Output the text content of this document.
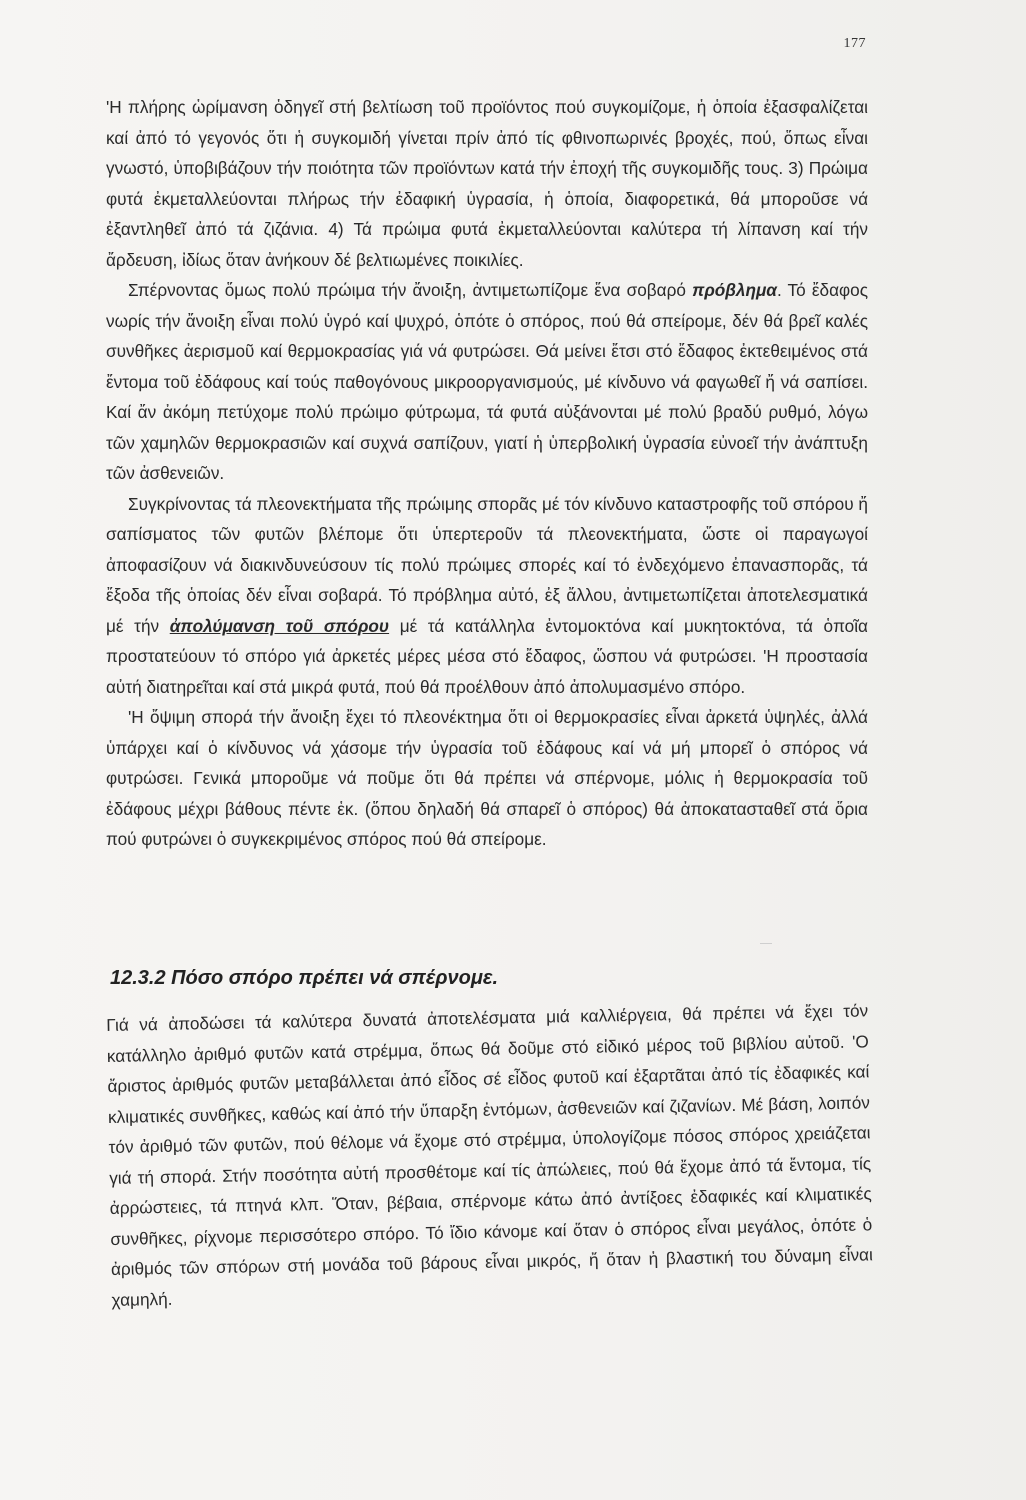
177

'Η πλήρης ὡρίμανση ὁδηγεῖ στή βελτίωση τοῦ προϊόντος πού συγκομίζομε, ἡ ὁποία ἐξασφαλίζεται καί ἀπό τό γεγονός ὅτι ἡ συγκομιδή γίνεται πρίν ἀπό τίς φθινοπωρινές βροχές, πού, ὅπως εἶναι γνωστό, ὑποβιβάζουν τήν ποιότητα τῶν προϊόντων κατά τήν ἐποχή τῆς συγκομιδῆς τους. 3) Πρώιμα φυτά ἐκμεταλλεύονται πλήρως τήν ἐδαφική ὑγρασία, ἡ ὁποία, διαφορετικά, θά μποροῦσε νά ἐξαντληθεῖ ἀπό τά ζιζάνια. 4) Τά πρώιμα φυτά ἐκμεταλλεύονται καλύτερα τή λίπανση καί τήν ἄρδευση, ἰδίως ὅταν ἀνήκουν δέ βελτιωμένες ποικιλίες.

Σπέρνοντας ὅμως πολύ πρώιμα τήν ἄνοιξη, ἀντιμετωπίζομε ἕνα σοβαρό πρόβλημα. Τό ἔδαφος νωρίς τήν ἄνοιξη εἶναι πολύ ὑγρό καί ψυχρό, ὁπότε ὁ σπόρος, πού θά σπείρομε, δέν θά βρεῖ καλές συνθῆκες ἀερισμοῦ καί θερμοκρασίας γιά νά φυτρώσει. Θά μείνει ἔτσι στό ἔδαφος ἐκτεθειμένος στά ἔντομα τοῦ ἐδάφους καί τούς παθογόνους μικροοργανισμούς, μέ κίνδυνο νά φαγωθεῖ ἤ νά σαπίσει. Καί ἄν ἀκόμη πετύχομε πολύ πρώιμο φύτρωμα, τά φυτά αὐξάνονται μέ πολύ βραδύ ρυθμό, λόγω τῶν χαμηλῶν θερμοκρασιῶν καί συχνά σαπίζουν, γιατί ἡ ὑπερβολική ὑγρασία εὐνοεῖ τήν ἀνάπτυξη τῶν ἀσθενειῶν.

Συγκρίνοντας τά πλεονεκτήματα τῆς πρώιμης σπορᾶς μέ τόν κίνδυνο καταστροφῆς τοῦ σπόρου ἤ σαπίσματος τῶν φυτῶν βλέπομε ὅτι ὑπερτεροῦν τά πλεονεκτήματα, ὥστε οἱ παραγωγοί ἀποφασίζουν νά διακινδυνεύσουν τίς πολύ πρώιμες σπορές καί τό ἐνδεχόμενο ἐπανασπορᾶς, τά ἔξοδα τῆς ὁποίας δέν εἶναι σοβαρά. Τό πρόβλημα αὐτό, ἐξ ἄλλου, ἀντιμετωπίζεται ἀποτελεσματικά μέ τήν ἀπολύμανση τοῦ σπόρου μέ τά κατάλληλα ἐντομοκτόνα καί μυκητοκτόνα, τά ὁποῖα προστατεύουν τό σπόρο γιά ἀρκετές μέρες μέσα στό ἔδαφος, ὥσπου νά φυτρώσει. 'Η προστασία αὐτή διατηρεῖται καί στά μικρά φυτά, πού θά προέλθουν ἀπό ἀπολυμασμένο σπόρο.

'Η ὄψιμη σπορά τήν ἄνοιξη ἔχει τό πλεονέκτημα ὅτι οἱ θερμοκρασίες εἶναι ἀρκετά ὑψηλές, ἀλλά ὑπάρχει καί ὁ κίνδυνος νά χάσομε τήν ὑγρασία τοῦ ἐδάφους καί νά μή μπορεῖ ὁ σπόρος νά φυτρώσει. Γενικά μποροῦμε νά ποῦμε ὅτι θά πρέπει νά σπέρνομε, μόλις ἡ θερμοκρασία τοῦ ἐδάφους μέχρι βάθους πέντε ἑκ. (ὅπου δηλαδή θά σπαρεῖ ὁ σπόρος) θά ἀποκατασταθεῖ στά ὅρια πού φυτρώνει ὁ συγκεκριμένος σπόρος πού θά σπείρομε.

12.3.2 Πόσο σπόρο πρέπει νά σπέρνομε.

Γιά νά ἀποδώσει τά καλύτερα δυνατά ἀποτελέσματα μιά καλλιέργεια, θά πρέπει νά ἔχει τόν κατάλληλο ἀριθμό φυτῶν κατά στρέμμα, ὅπως θά δοῦμε στό εἰδικό μέρος τοῦ βιβλίου αὐτοῦ. 'Ο ἄριστος ἀριθμός φυτῶν μεταβάλλεται ἀπό εἶδος σέ εἶδος φυτοῦ καί ἐξαρτᾶται ἀπό τίς ἐδαφικές καί κλιματικές συνθῆκες, καθώς καί ἀπό τήν ὕπαρξη ἐντόμων, ἀσθενειῶν καί ζιζανίων. Μέ βάση, λοιπόν τόν ἀριθμό τῶν φυτῶν, πού θέλομε νά ἔχομε στό στρέμμα, ὑπολογίζομε πόσος σπόρος χρειάζεται γιά τή σπορά. Στήν ποσότητα αὐτή προσθέτομε καί τίς ἀπώλειες, πού θά ἔχομε ἀπό τά ἔντομα, τίς ἀρρώστειες, τά πτηνά κλπ. Ὅταν, βέβαια, σπέρνομε κάτω ἀπό ἀντίξοες ἐδαφικές καί κλιματικές συνθῆκες, ρίχνομε περισσότερο σπόρο. Τό ἴδιο κάνομε καί ὅταν ὁ σπόρος εἶναι μεγάλος, ὁπότε ὁ ἀριθμός τῶν σπόρων στή μονάδα τοῦ βάρους εἶναι μικρός, ἤ ὅταν ἡ βλαστική του δύναμη εἶναι χαμηλή.
